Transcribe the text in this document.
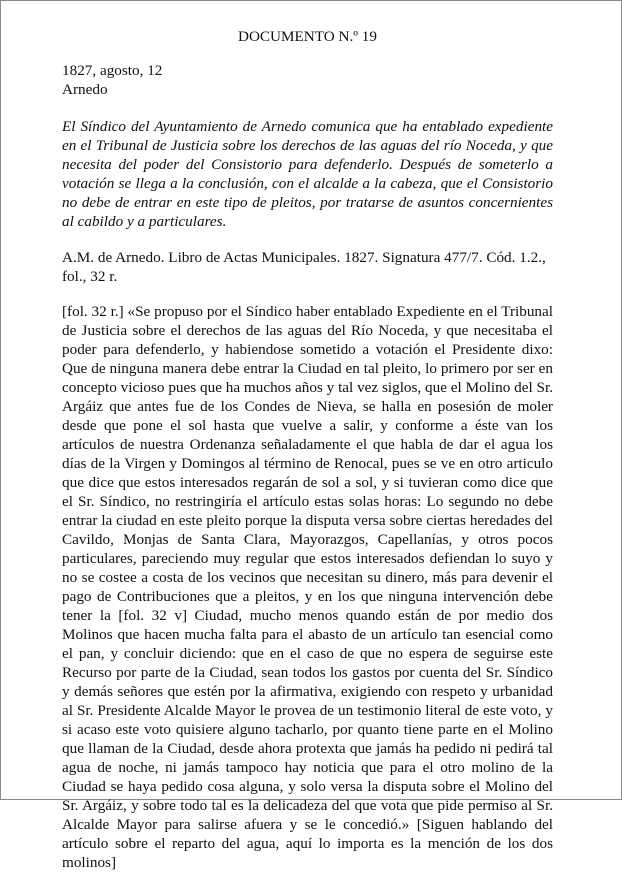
DOCUMENTO N.º 19

1827, agosto, 12

Arnedo

El Síndico del Ayuntamiento de Arnedo comunica que ha entablado expediente en el Tribunal de Justicia sobre los derechos de las aguas del río Noceda, y que necesita del poder del Consistorio para defenderlo. Después de someterlo a votación se llega a la conclusión, con el alcalde a la cabeza, que el Consistorio no debe de entrar en este tipo de pleitos, por tratarse de asuntos concernientes al cabildo y a particulares.

A.M. de Arnedo. Libro de Actas Municipales. 1827. Signatura 477/7. Cód. 1.2., fol., 32 r.

[fol. 32 r.] «Se propuso por el Síndico haber entablado Expediente en el Tribunal de Justicia sobre el derechos de las aguas del Río Noceda, y que necesitaba el poder para defenderlo, y habiendose sometido a votación el Presidente dixo: Que de ninguna manera debe entrar la Ciudad en tal pleito, lo primero por ser en concepto vicioso pues que ha muchos años y tal vez siglos, que el Molino del Sr. Argáiz que antes fue de los Condes de Nieva, se halla en posesión de moler desde que pone el sol hasta que vuelve a salir, y conforme a éste van los artículos de nuestra Ordenanza señaladamente el que habla de dar el agua los días de la Virgen y Domingos al término de Renocal, pues se ve en otro articulo que dice que estos interesados regarán de sol a sol, y si tuvieran como dice que el Sr. Síndico, no restringiría el artículo estas solas horas: Lo segundo no debe entrar la ciudad en este pleito porque la disputa versa sobre ciertas heredades del Cavildo, Monjas de Santa Clara, Mayorazgos, Capellanías, y otros pocos particulares, pareciendo muy regular que estos interesados defiendan lo suyo y no se costee a costa de los vecinos que necesitan su dinero, más para devenir el pago de Contribuciones que a pleitos, y en los que ninguna intervención debe tener la [fol. 32 v] Ciudad, mucho menos quando están de por medio dos Molinos que hacen mucha falta para el abasto de un artículo tan esencial como el pan, y concluir diciendo: que en el caso de que no espera de seguirse este Recurso por parte de la Ciudad, sean todos los gastos por cuenta del Sr. Síndico y demás señores que estén por la afirmativa, exigiendo con respeto y urbanidad al Sr. Presidente Alcalde Mayor le provea de un testimonio literal de este voto, y si acaso este voto quisiere alguno tacharlo, por quanto tiene parte en el Molino que llaman de la Ciudad, desde ahora protexta que jamás ha pedido ni pedirá tal agua de noche, ni jamás tampoco hay noticia que para el otro molino de la Ciudad se haya pedido cosa alguna, y solo versa la disputa sobre el Molino del Sr. Argáiz, y sobre todo tal es la delicadeza del que vota que pide permiso al Sr. Alcalde Mayor para salirse afuera y se le concedió.» [Siguen hablando del artículo sobre el reparto del agua, aquí lo importa es la mención de los dos molinos]
